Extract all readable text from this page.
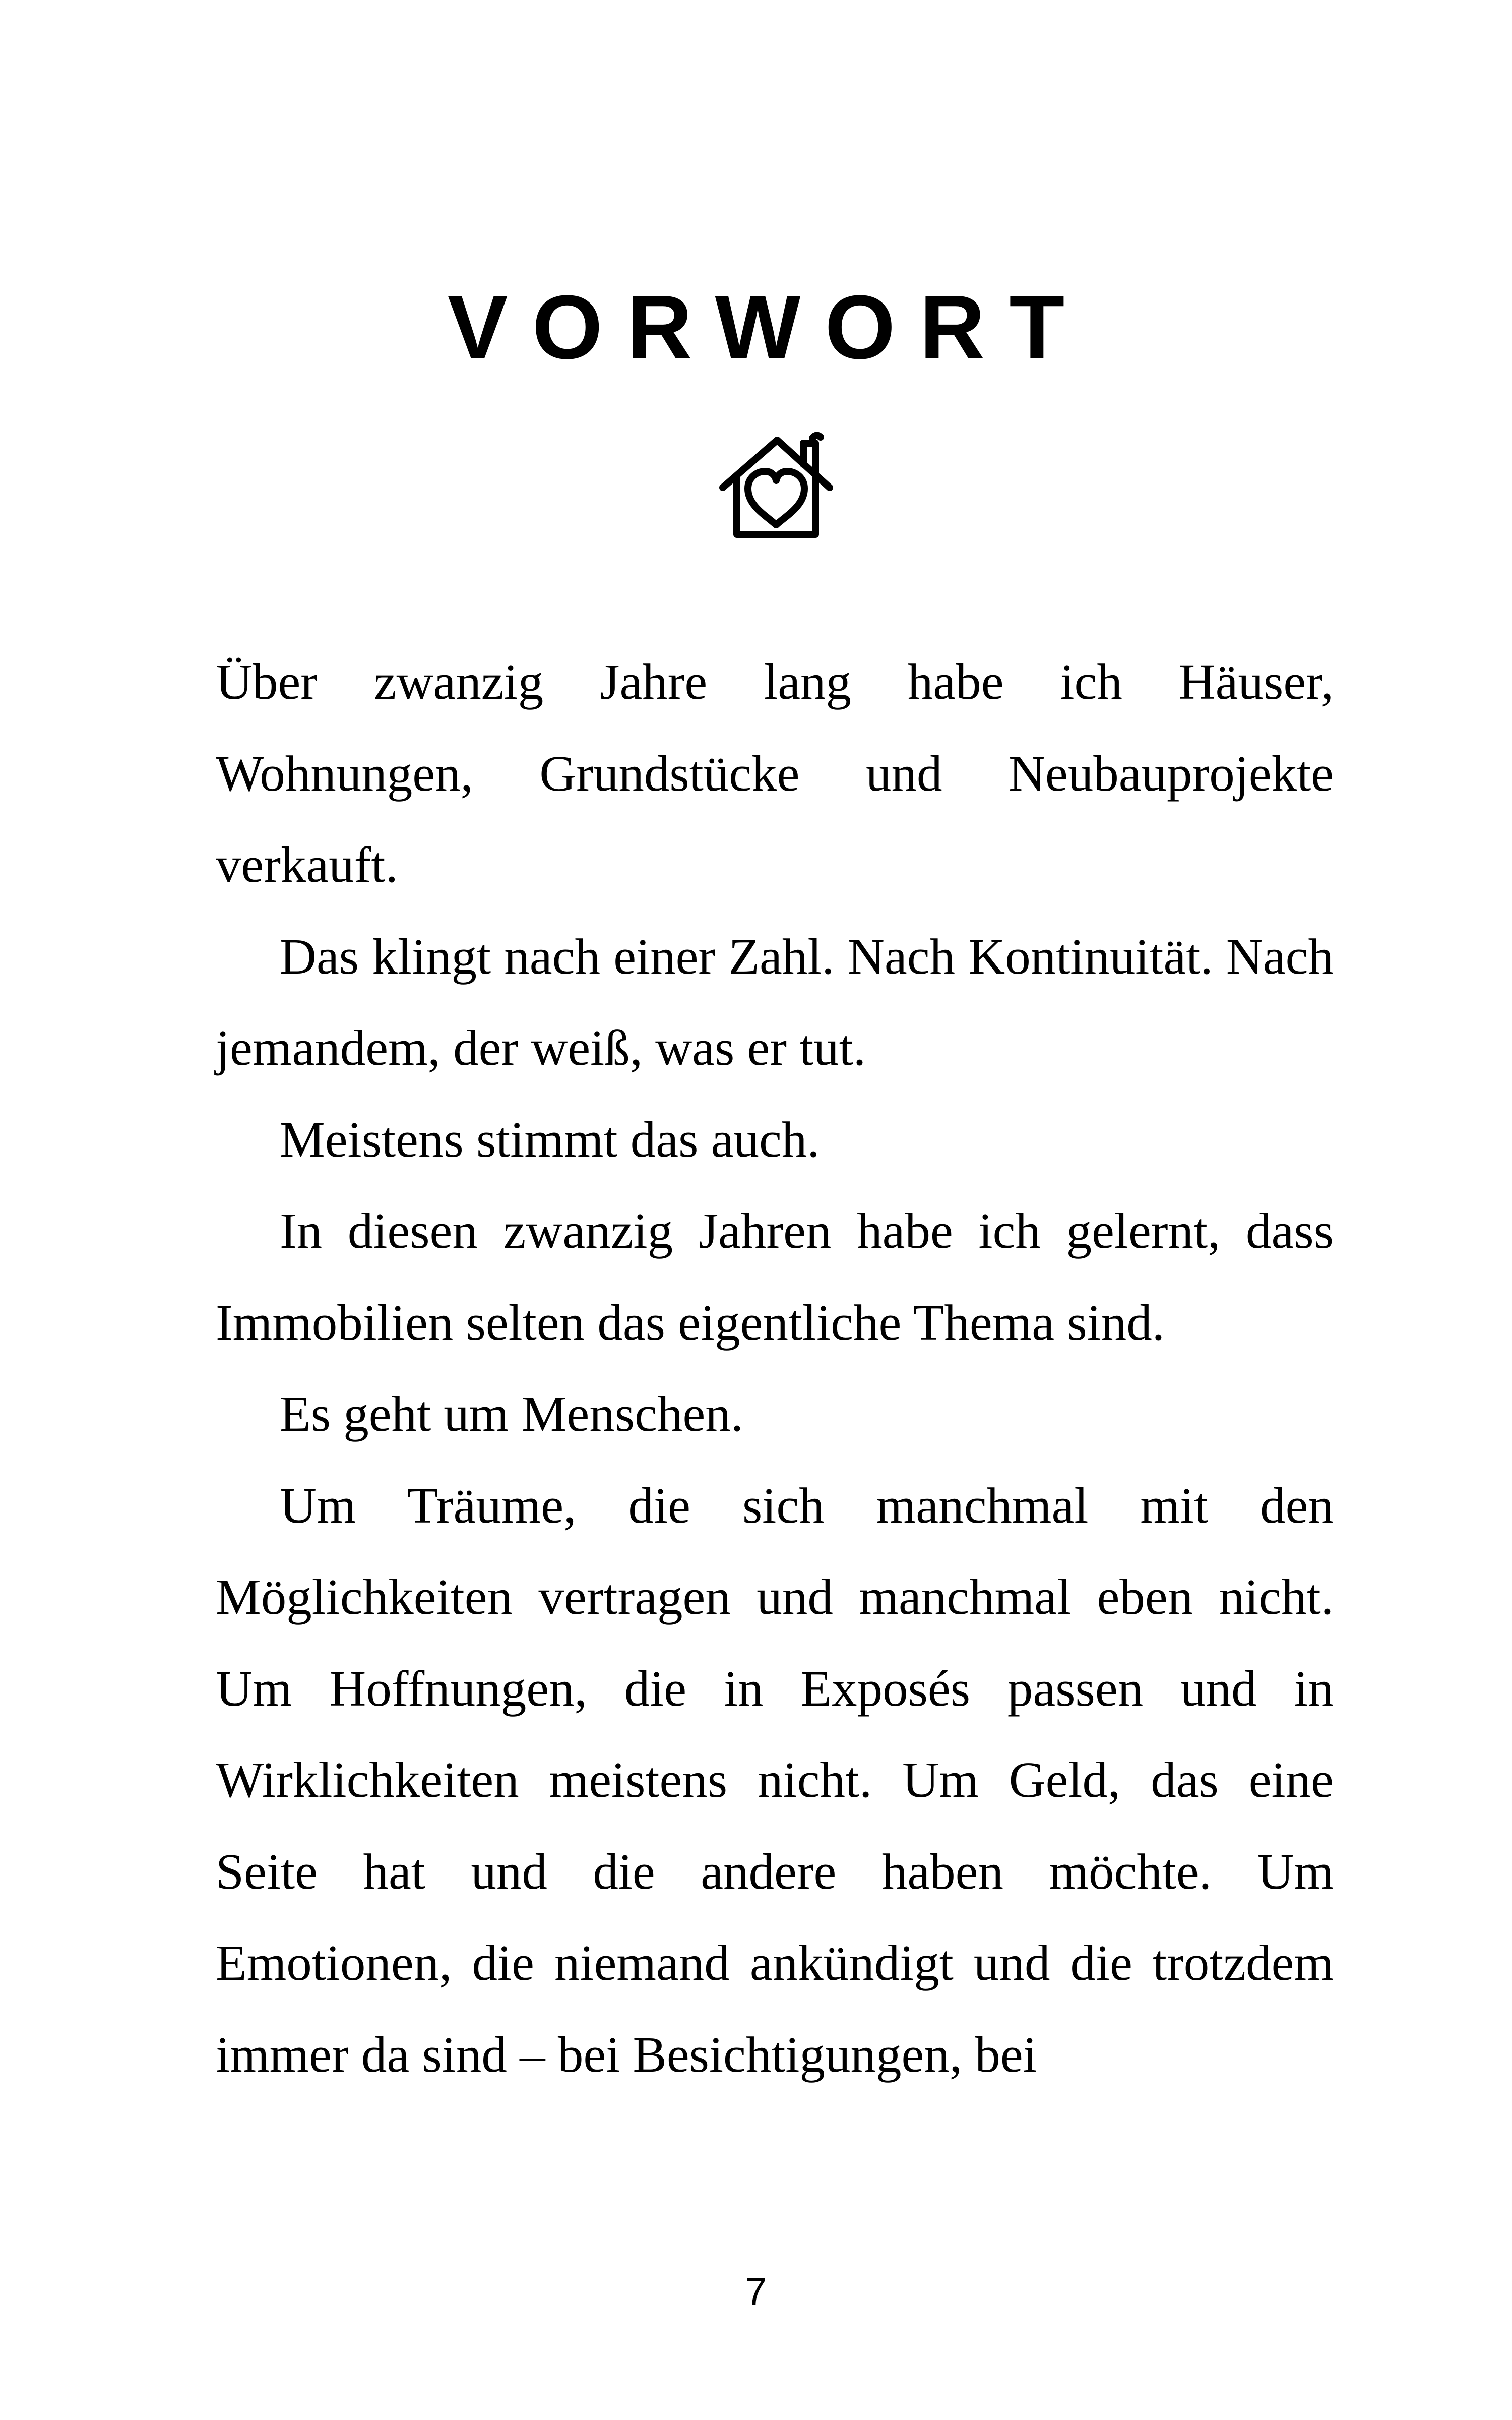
VORWORT

Über zwanzig Jahre lang habe ich Häuser, Wohnungen, Grundstücke und Neubauprojekte verkauft.

Das klingt nach einer Zahl. Nach Kontinuität. Nach jemandem, der weiß, was er tut.

Meistens stimmt das auch.

In diesen zwanzig Jahren habe ich gelernt, dass Immobilien selten das eigentliche Thema sind.

Es geht um Menschen.

Um Träume, die sich manchmal mit den Möglichkeiten vertragen und manchmal eben nicht. Um Hoffnungen, die in Exposés passen und in Wirklichkeiten meistens nicht. Um Geld, das eine Seite hat und die andere haben möchte. Um Emotionen, die niemand ankündigt und die trotzdem immer da sind – bei Besichtigungen, bei

7
